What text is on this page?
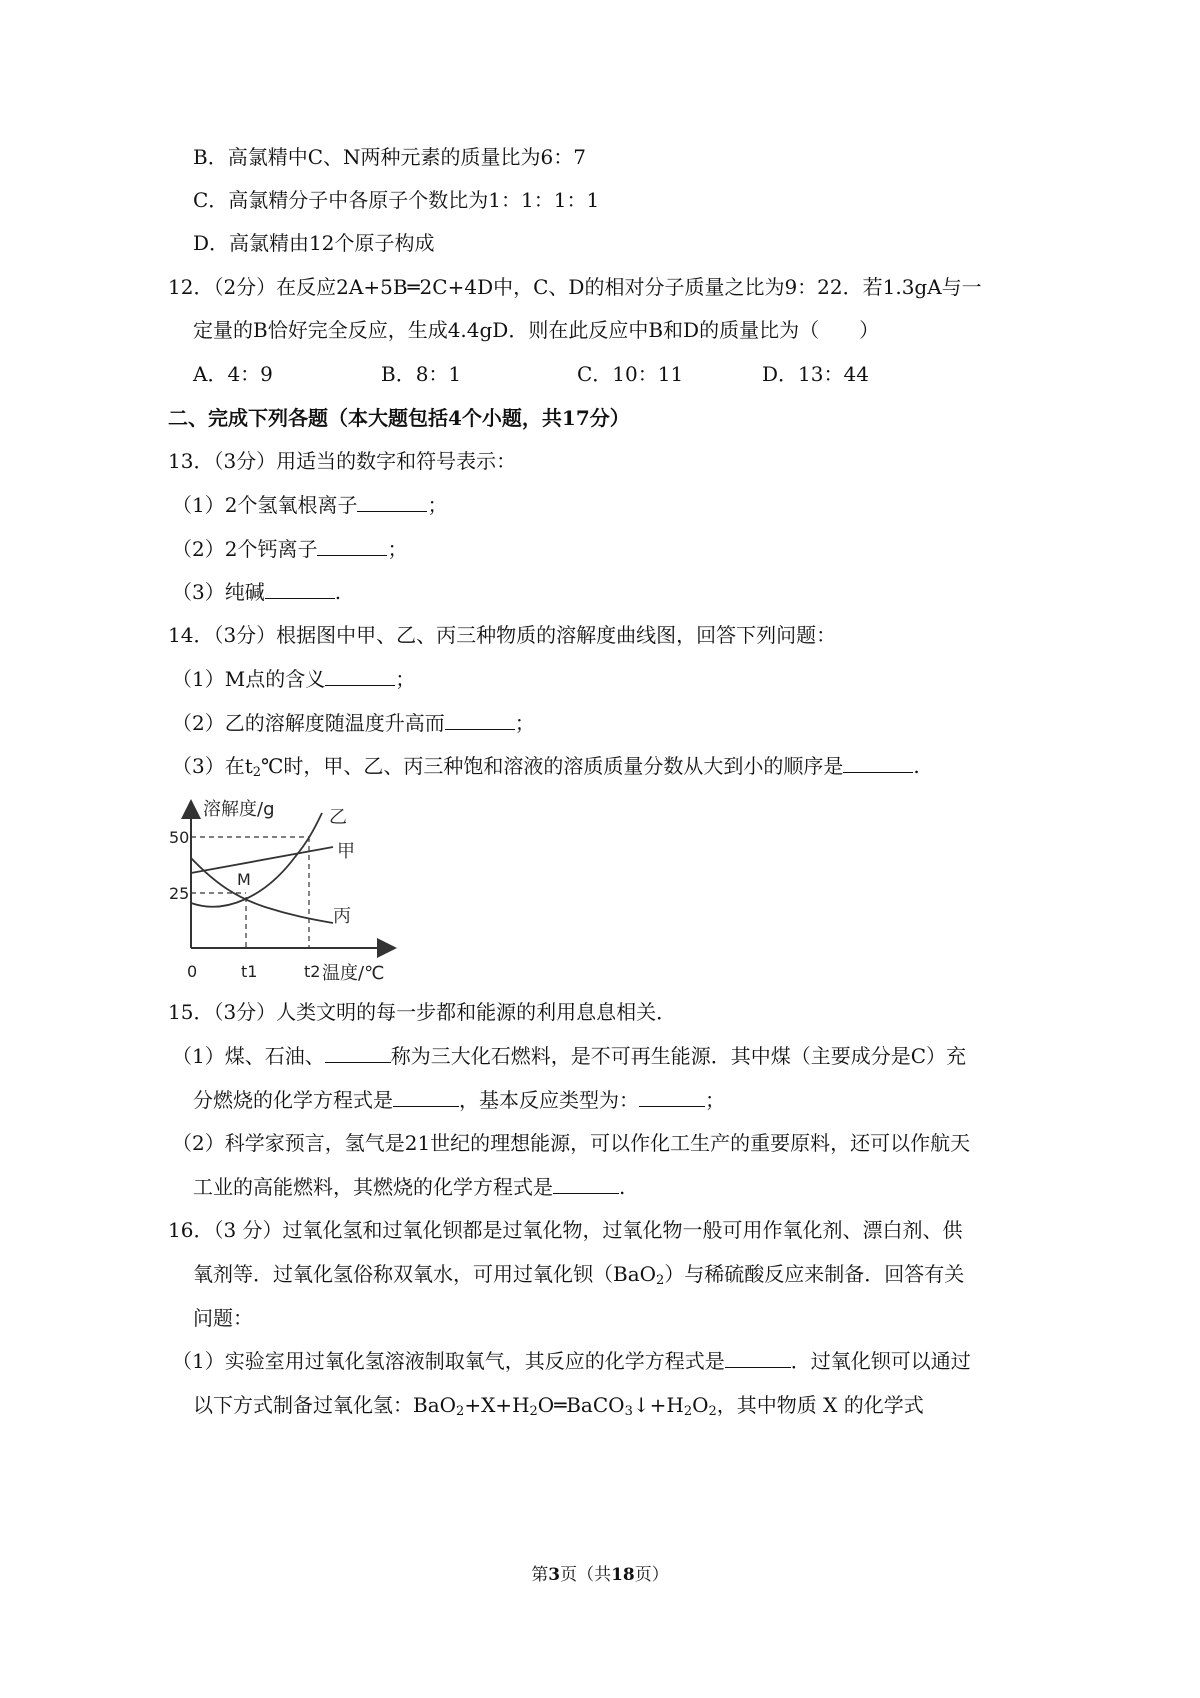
B．高氯精中C、N两种元素的质量比为6：7
C．高氯精分子中各原子个数比为1：1：1：1
D．高氯精由12个原子构成
12．（2分）在反应2A+5B═2C+4D中，C、D的相对分子质量之比为9：22．若1.3gA与一
定量的B恰好完全反应，生成4.4gD．则在此反应中B和D的质量比为（　　）
A．4：9	B．8：1	C．10：11	D．13：44
二、完成下列各题（本大题包括4个小题，共17分）
13．（3分）用适当的数字和符号表示：
（1）2个氢氧根离子	；
（2）2个钙离子	；
（3）纯碱	.
14．（3分）根据图中甲、乙、丙三种物质的溶解度曲线图，回答下列问题：
（1）M点的含义	；
（2）乙的溶解度随温度升高而	；
（3）在$t_2℃$时，甲、乙、丙三种饱和溶液的溶质质量分数从大到小的顺序是	.
溶解度/g
50
25
0	t1	t2 温度/℃
M
乙
甲
丙
15．（3分）人类文明的每一步都和能源的利用息息相关．
（1）煤、石油、	称为三大化石燃料，是不可再生能源．其中煤（主要成分是C）充
分燃烧的化学方程式是	，基本反应类型为：	；
（2）科学家预言，氢气是21世纪的理想能源，可以作化工生产的重要原料，还可以作航天
工业的高能燃料，其燃烧的化学方程式是	.
16．（3 分）过氧化氢和过氧化钡都是过氧化物，过氧化物一般可用作氧化剂、漂白剂、供
氧剂等．过氧化氢俗称双氧水，可用过氧化钡（BaO$_2$）与稀硫酸反应来制备．回答有关
问题：
（1）实验室用过氧化氢溶液制取氧气，其反应的化学方程式是	．过氧化钡可以通过
以下方式制备过氧化氢：$BaO_2+X+H_2O═BaCO_3↓+H_2O_2$，其中物质 X 的化学式
第3页（共18页）
